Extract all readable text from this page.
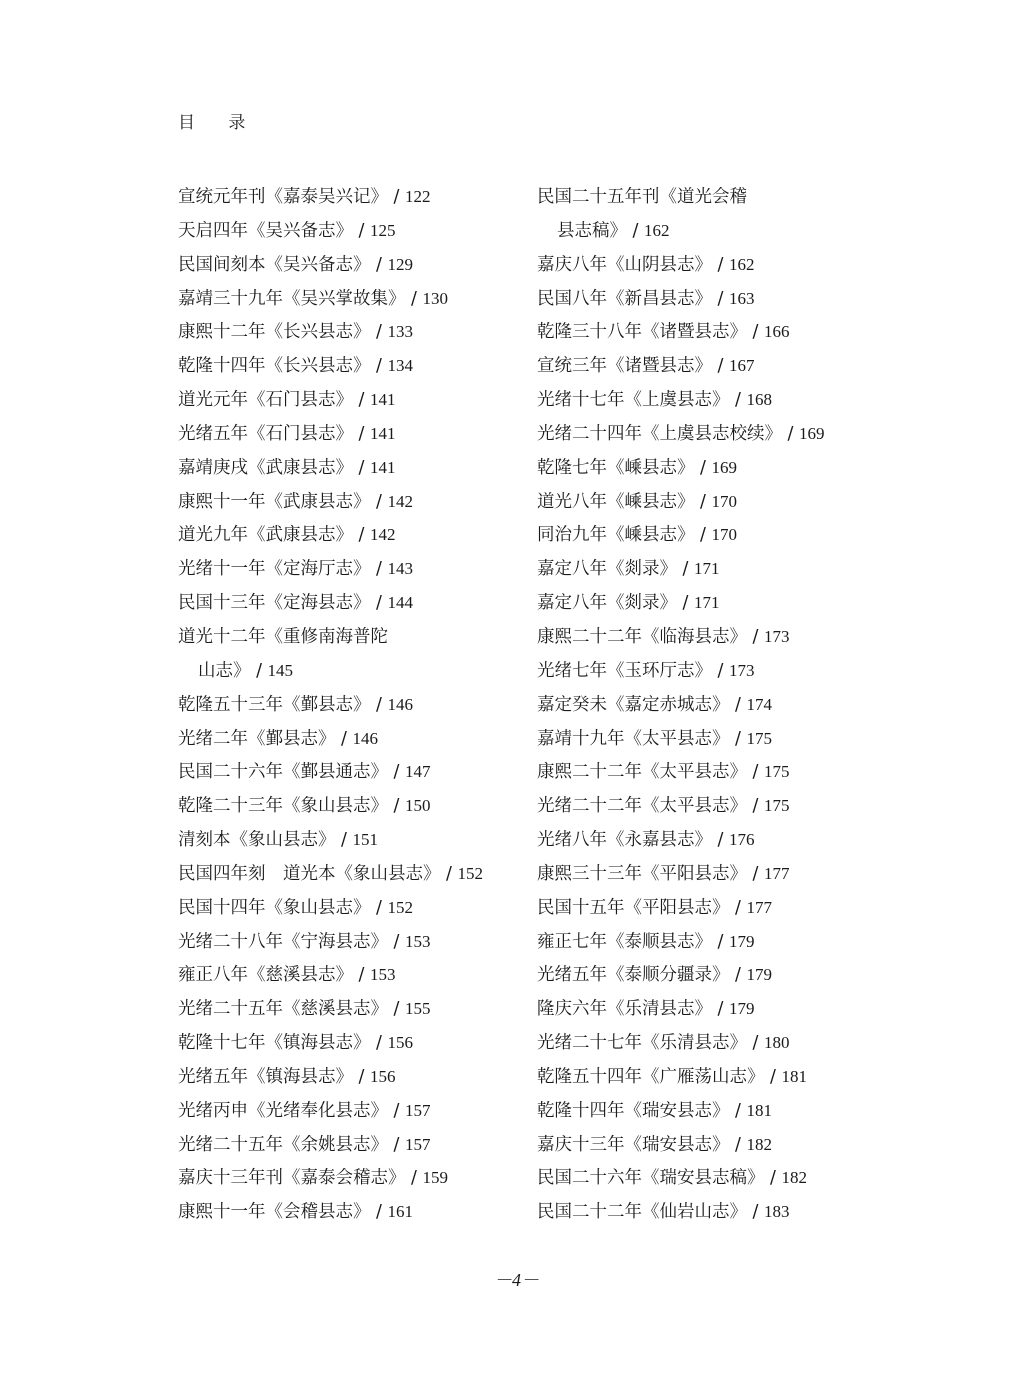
目 录
宣统元年刊《嘉泰吴兴记》 / 122
天启四年《吴兴备志》 / 125
民国间刻本《吴兴备志》 / 129
嘉靖三十九年《吴兴掌故集》 / 130
康熙十二年《长兴县志》 / 133
乾隆十四年《长兴县志》 / 134
道光元年《石门县志》 / 141
光绪五年《石门县志》 / 141
嘉靖庚戌《武康县志》 / 141
康熙十一年《武康县志》 / 142
道光九年《武康县志》 / 142
光绪十一年《定海厅志》 / 143
民国十三年《定海县志》 / 144
道光十二年《重修南海普陀
山志》 / 145
乾隆五十三年《鄞县志》 / 146
光绪二年《鄞县志》 / 146
民国二十六年《鄞县通志》 / 147
乾隆二十三年《象山县志》 / 150
清刻本《象山县志》 / 151
民国四年刻　道光本《象山县志》 / 152
民国十四年《象山县志》 / 152
光绪二十八年《宁海县志》 / 153
雍正八年《慈溪县志》 / 153
光绪二十五年《慈溪县志》 / 155
乾隆十七年《镇海县志》 / 156
光绪五年《镇海县志》 / 156
光绪丙申《光绪奉化县志》 / 157
光绪二十五年《余姚县志》 / 157
嘉庆十三年刊《嘉泰会稽志》 / 159
康熙十一年《会稽县志》 / 161
民国二十五年刊《道光会稽
县志稿》 / 162
嘉庆八年《山阴县志》 / 162
民国八年《新昌县志》 / 163
乾隆三十八年《诸暨县志》 / 166
宣统三年《诸暨县志》 / 167
光绪十七年《上虞县志》 / 168
光绪二十四年《上虞县志校续》 / 169
乾隆七年《嵊县志》 / 169
道光八年《嵊县志》 / 170
同治九年《嵊县志》 / 170
嘉定八年《剡录》 / 171
嘉定八年《剡录》 / 171
康熙二十二年《临海县志》 / 173
光绪七年《玉环厅志》 / 173
嘉定癸未《嘉定赤城志》 / 174
嘉靖十九年《太平县志》 / 175
康熙二十二年《太平县志》 / 175
光绪二十二年《太平县志》 / 175
光绪八年《永嘉县志》 / 176
康熙三十三年《平阳县志》 / 177
民国十五年《平阳县志》 / 177
雍正七年《泰顺县志》 / 179
光绪五年《泰顺分疆录》 / 179
隆庆六年《乐清县志》 / 179
光绪二十七年《乐清县志》 / 180
乾隆五十四年《广雁荡山志》 / 181
乾隆十四年《瑞安县志》 / 181
嘉庆十三年《瑞安县志》 / 182
民国二十六年《瑞安县志稿》 / 182
民国二十二年《仙岩山志》 / 183
－4－
